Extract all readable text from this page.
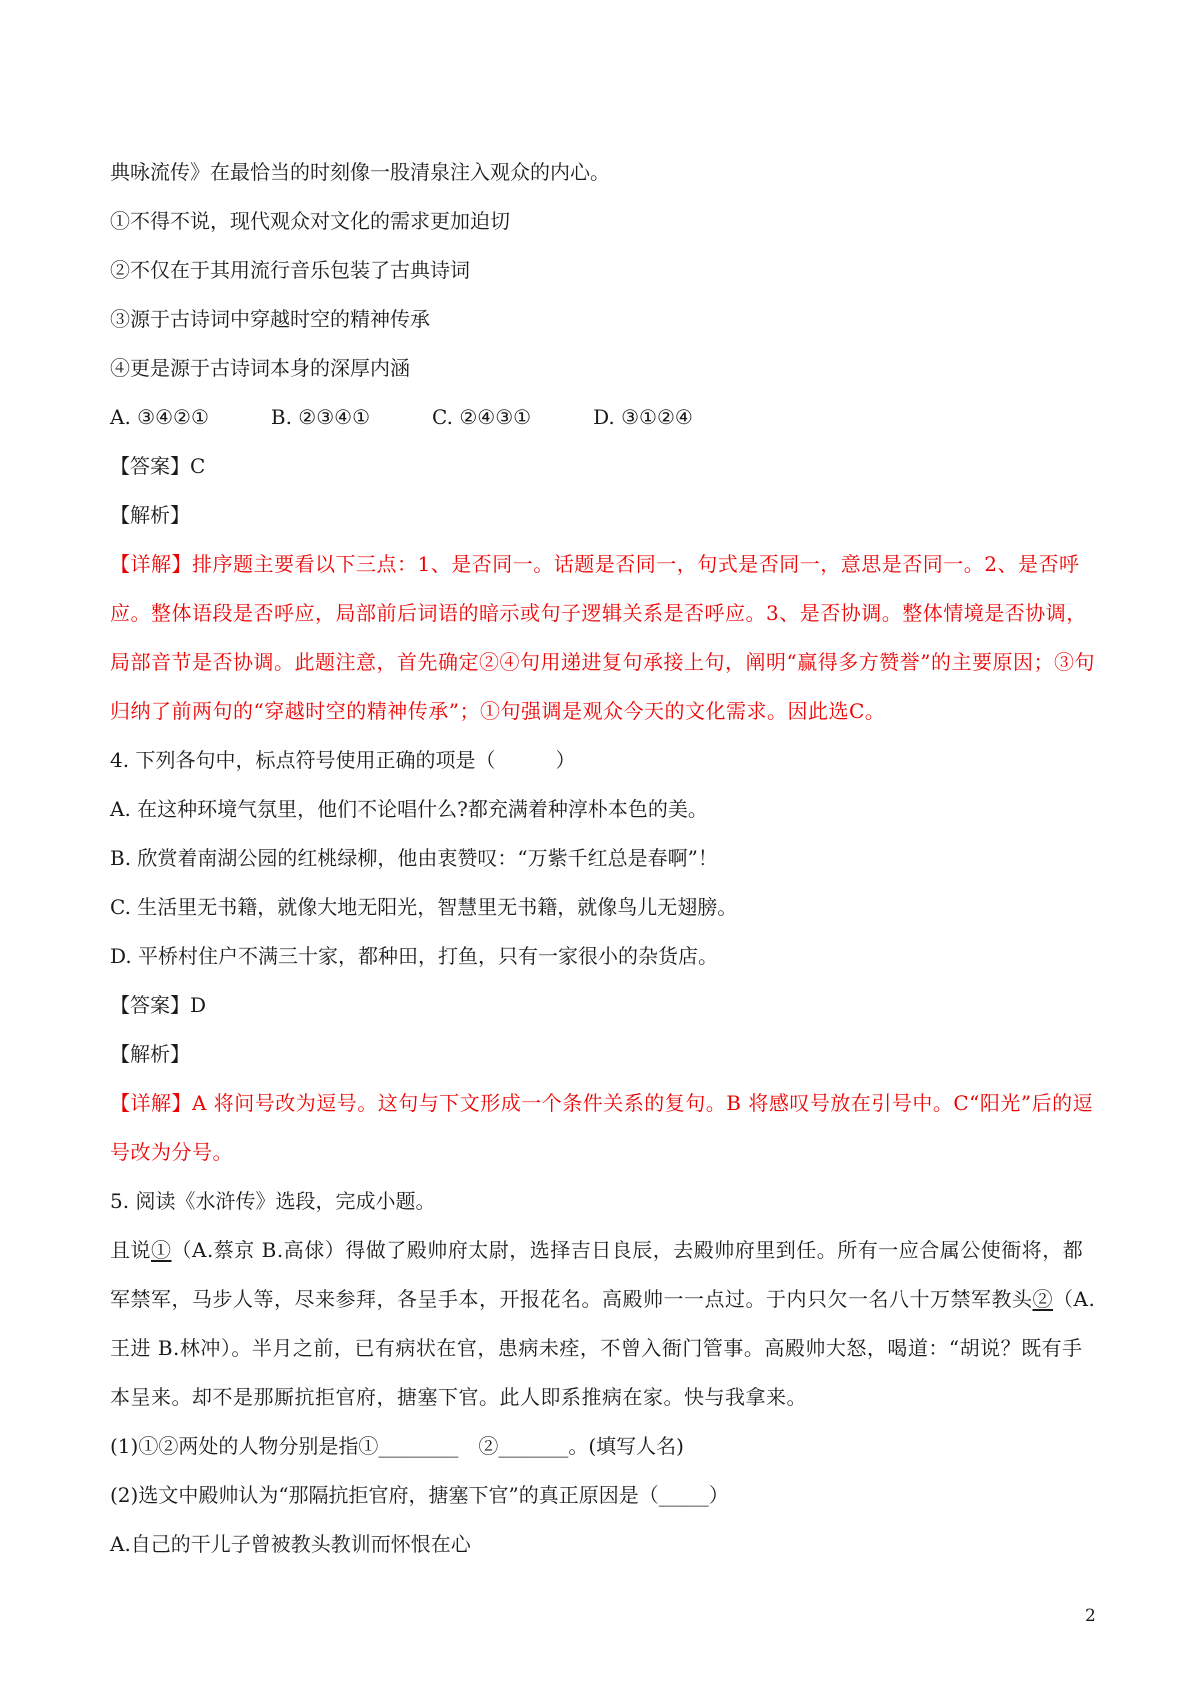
典咏流传》在最恰当的时刻像一股清泉注入观众的内心。
①不得不说，现代观众对文化的需求更加迫切
②不仅在于其用流行音乐包装了古典诗词
③源于古诗词中穿越时空的精神传承
④更是源于古诗词本身的深厚内涵
A. ③④②①	B. ②③④①	C. ②④③①	D. ③①②④
【答案】C
【解析】
【详解】排序题主要看以下三点：1、是否同一。话题是否同一，句式是否同一，意思是否同一。2、是否呼应。整体语段是否呼应，局部前后词语的暗示或句子逻辑关系是否呼应。3、是否协调。整体情境是否协调，局部音节是否协调。此题注意，首先确定②④句用递进复句承接上句，阐明“赢得多方赞誉”的主要原因；③句归纳了前两句的“穿越时空的精神传承”；①句强调是观众今天的文化需求。因此选C。
4. 下列各句中，标点符号使用正确的项是（　　　）
A. 在这种环境气氛里，他们不论唱什么?都充满着种淳朴本色的美。
B. 欣赏着南湖公园的红桃绿柳，他由衷赞叹：“万紫千红总是春啊”！
C. 生活里无书籍，就像大地无阳光，智慧里无书籍，就像鸟儿无翅膀。
D. 平桥村住户不满三十家，都种田，打鱼，只有一家很小的杂货店。
【答案】D
【解析】
【详解】A 将问号改为逗号。这句与下文形成一个条件关系的复句。B 将感叹号放在引号中。C“阳光”后的逗号改为分号。
5. 阅读《水浒传》选段，完成小题。
且说①（A.蔡京 B.高俅）得做了殿帅府太尉，选择吉日良辰，去殿帅府里到任。所有一应合属公使衙将，都军禁军，马步人等，尽来参拜，各呈手本，开报花名。高殿帅一一点过。于内只欠一名八十万禁军教头②（A.王进 B.林冲）。半月之前，已有病状在官，患病未痊，不曾入衙门管事。高殿帅大怒，喝道：“胡说？既有手本呈来。却不是那厮抗拒官府，搪塞下官。此人即系推病在家。快与我拿来。
(1)①②两处的人物分别是指①________　②_______。(填写人名)
(2)选文中殿帅认为“那隔抗拒官府，搪塞下官”的真正原因是（_____）
A.自己的干儿子曾被教头教训而怀恨在心
2
